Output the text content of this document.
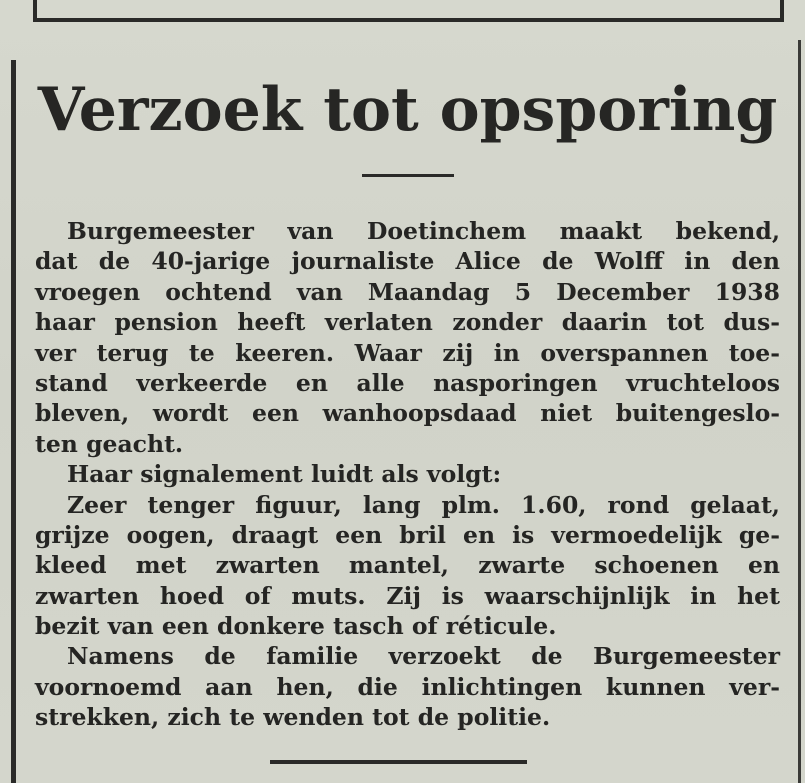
Verzoek tot opsporing
Burgemeester van Doetinchem maakt bekend,
dat de 40-jarige journaliste Alice de Wolff in den
vroegen ochtend van Maandag 5 December 1938
haar pension heeft verlaten zonder daarin tot dus-
ver terug te keeren. Waar zij in overspannen toe-
stand verkeerde en alle nasporingen vruchteloos
bleven, wordt een wanhoopsdaad niet buitengeslo-
ten geacht.
Haar signalement luidt als volgt:
Zeer tenger figuur, lang plm. 1.60, rond gelaat,
grijze oogen, draagt een bril en is vermoedelijk ge-
kleed met zwarten mantel, zwarte schoenen en
zwarten hoed of muts. Zij is waarschijnlijk in het
bezit van een donkere tasch of réticule.
Namens de familie verzoekt de Burgemeester
voornoemd aan hen, die inlichtingen kunnen ver-
strekken, zich te wenden tot de politie.
